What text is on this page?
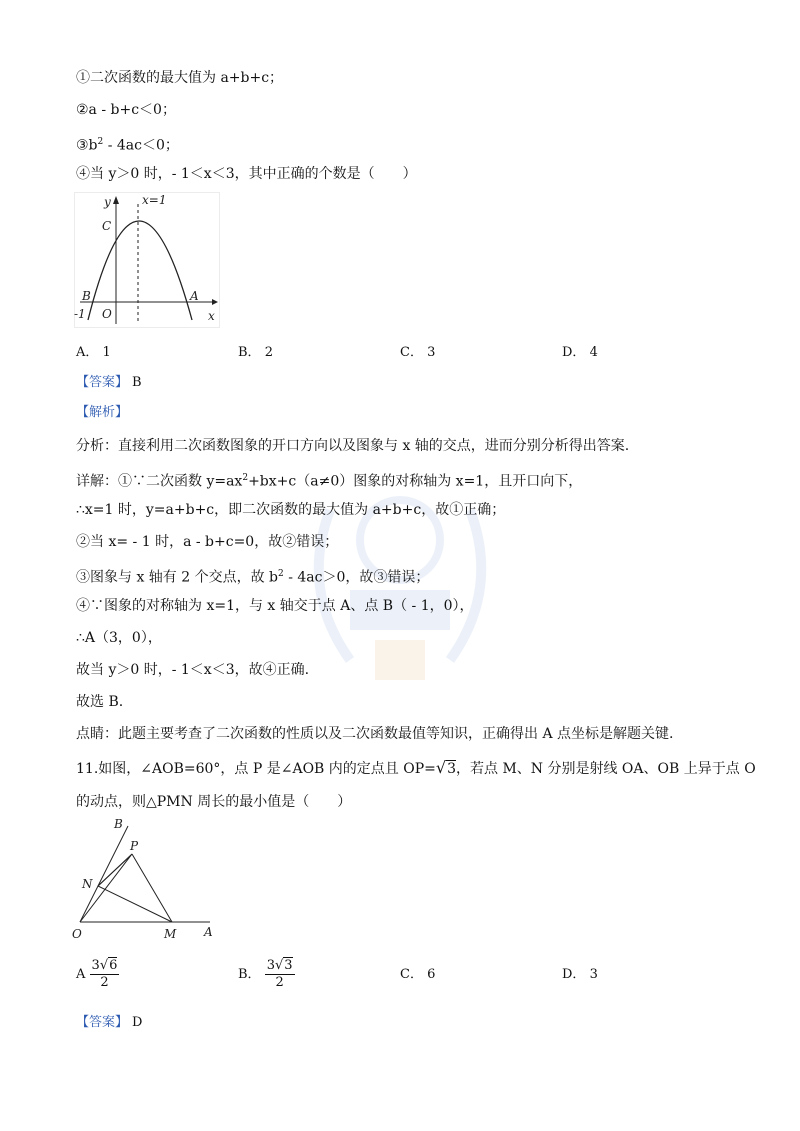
①二次函数的最大值为 a+b+c；
②a - b+c＜0；
$③b^2 - 4ac<0$；
④当 y＞0 时，- 1＜x＜3，其中正确的个数是（　　）
y	x=1
C
B	A
O
-1	x
A． 1	B． 2	C． 3	D． 4
【答案】 B
【解析】
分析：直接利用二次函数图象的开口方向以及图象与 x 轴的交点，进而分别分析得出答案.
详解：①∵二次函数 $y=ax^2+bx+c(a\ne 0)$图象的对称轴为 x=1，且开口向下，
∴x=1 时，y=a+b+c，即二次函数的最大值为 a+b+c，故①正确；
②当 x= - 1 时，a - b+c=0，故②错误；
③图象与 x 轴有 2 个交点，故 $b^2 - 4ac>0$，故③错误；
④∵图象的对称轴为 x=1，与 x 轴交于点 A、点 B（ - 1，0），
∴A（3，0），
故当 y＞0 时，- 1＜x＜3，故④正确.
故选 B.
点睛：此题主要考查了二次函数的性质以及二次函数最值等知识，正确得出 A 点坐标是解题关键.
11.如图，∠AOB=60°，点 P 是∠AOB 内的定点且 OP=√3，若点 M、N 分别是射线 OA、OB 上异于点 O
的动点，则△PMN 周长的最小值是（　　）
B
P
N
O	M A
A $\frac{3√6}{2}$	B． $\frac{3√3}{2}$	C． 6	D． 3
【答案】 D
